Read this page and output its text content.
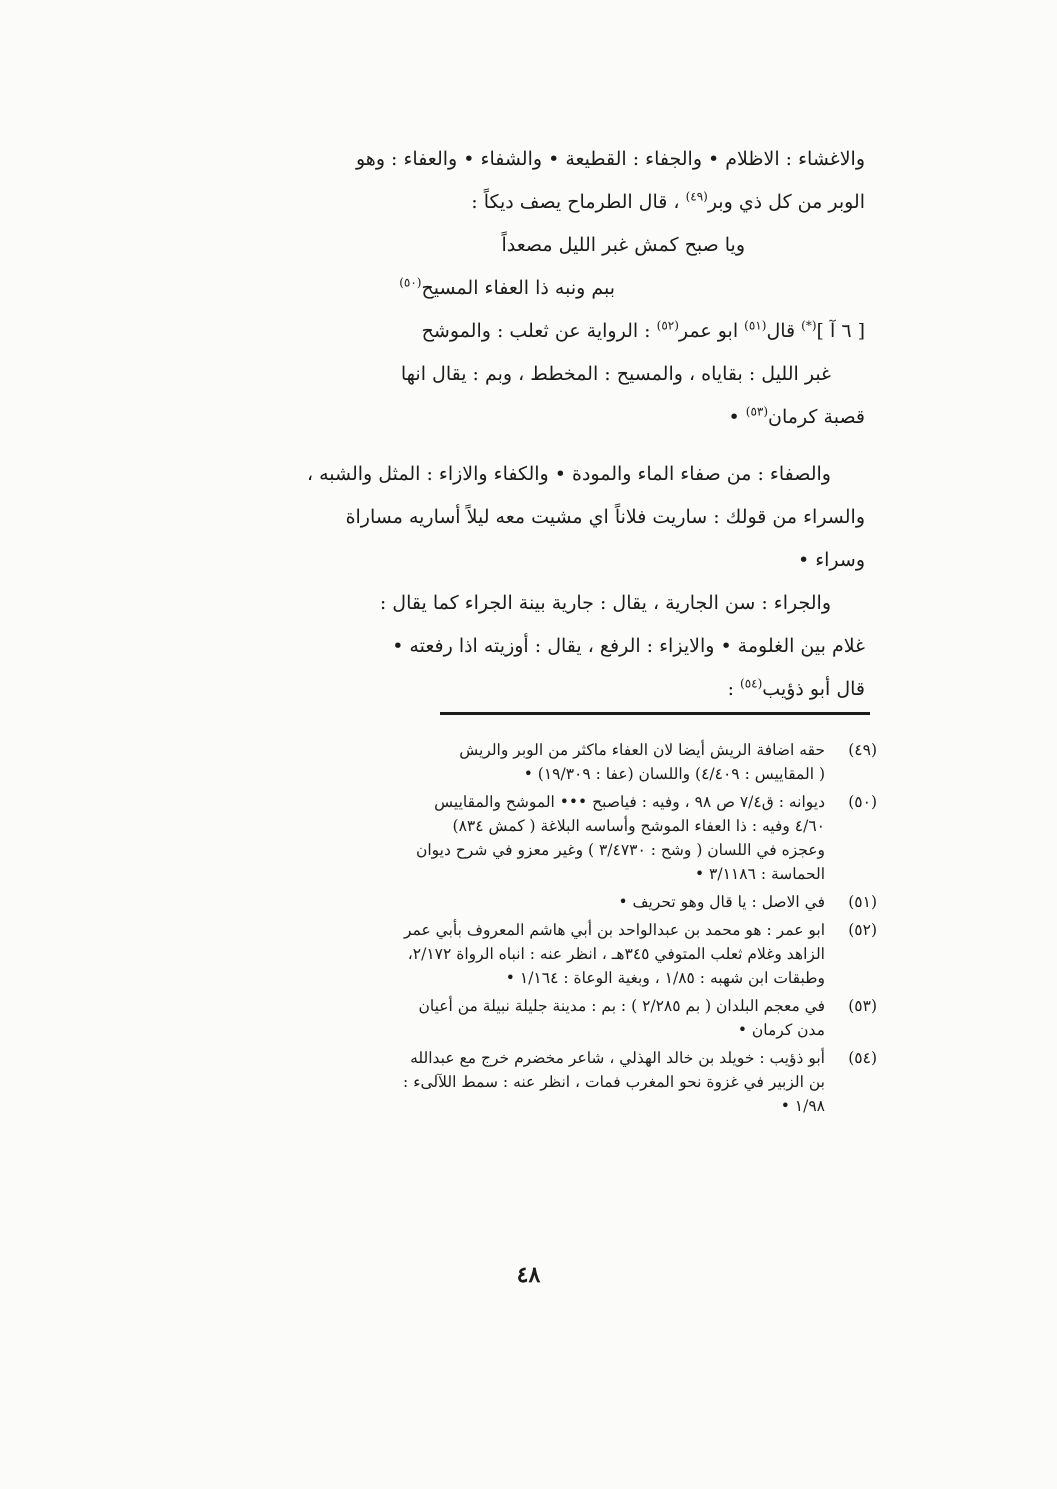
والاغشاء : الاظلام • والجفاء : القطيعة • والشفاء • والعفاء : وهو
الوبر من كل ذي وبر$^{(٤٩)}$ ، قال الطرماح يصف ديكاً :
ويا صبح كمش غبر الليل مصعداً
ببم ونبه ذا العفاء المسيح$^{(٥٠)}$
[ ٦ آ ](*) قال$^{(٥١)}$ ابو عمر$^{(٥٢)}$ : الرواية عن ثعلب : والموشح
غبر الليل : بقاياه ، والمسيح : المخطط ، وبم : يقال انها
قصبة كرمان$^{(٥٣)}$ •
والصفاء : من صفاء الماء والمودة • والكفاء والازاء : المثل والشبه ،
والسراء من قولك : ساريت فلاناً اي مشيت معه ليلاً أساريه مساراة
وسراء •
والجراء : سن الجارية ، يقال : جارية بينة الجراء كما يقال :
غلام بين الغلومة • والايزاء : الرفع ، يقال : أوزيته اذا رفعته •
قال أبو ذؤيب$^{(٥٤)}$ :
(٤٩)
حقه اضافة الريش أيضا لان العفاء ماكثر من الوبر والريش
( المقاييس : ٤/٤٠٩) واللسان (عفا : ١٩/٣٠٩) •
(٥٠)
ديوانه : ق٧/٤ ص ٩٨ ، وفيه : فياصبح ••• الموشح والمقاييس
٤/٦٠ وفيه : ذا العفاء الموشح وأساسه البلاغة ( كمش ٨٣٤)
وعجزه في اللسان ( وشح : ٣/٤٧٣٠ ) وغير معزو في شرح ديوان
الحماسة : ٣/١١٨٦ •
(٥١)
في الاصل : يا قال وهو تحريف •
(٥٢)
ابو عمر : هو محمد بن عبدالواحد بن أبي هاشم المعروف بأبي عمر
الزاهد وغلام ثعلب المتوفي ٣٤٥هـ ، انظر عنه : انباه الرواة ٢/١٧٢،
وطبقات ابن شهبه : ١/٨٥ ، وبغية الوعاة : ١/١٦٤ •
(٥٣)
في معجم البلدان ( بم ٢/٢٨٥ ) : بم : مدينة جليلة نبيلة من أعيان
مدن كرمان •
(٥٤)
أبو ذؤيب : خويلد بن خالد الهذلي ، شاعر مخضرم خرج مع عبدالله
بن الزبير في غزوة نحو المغرب فمات ، انظر عنه : سمط اللآلىء :
١/٩٨ •
٤٨
